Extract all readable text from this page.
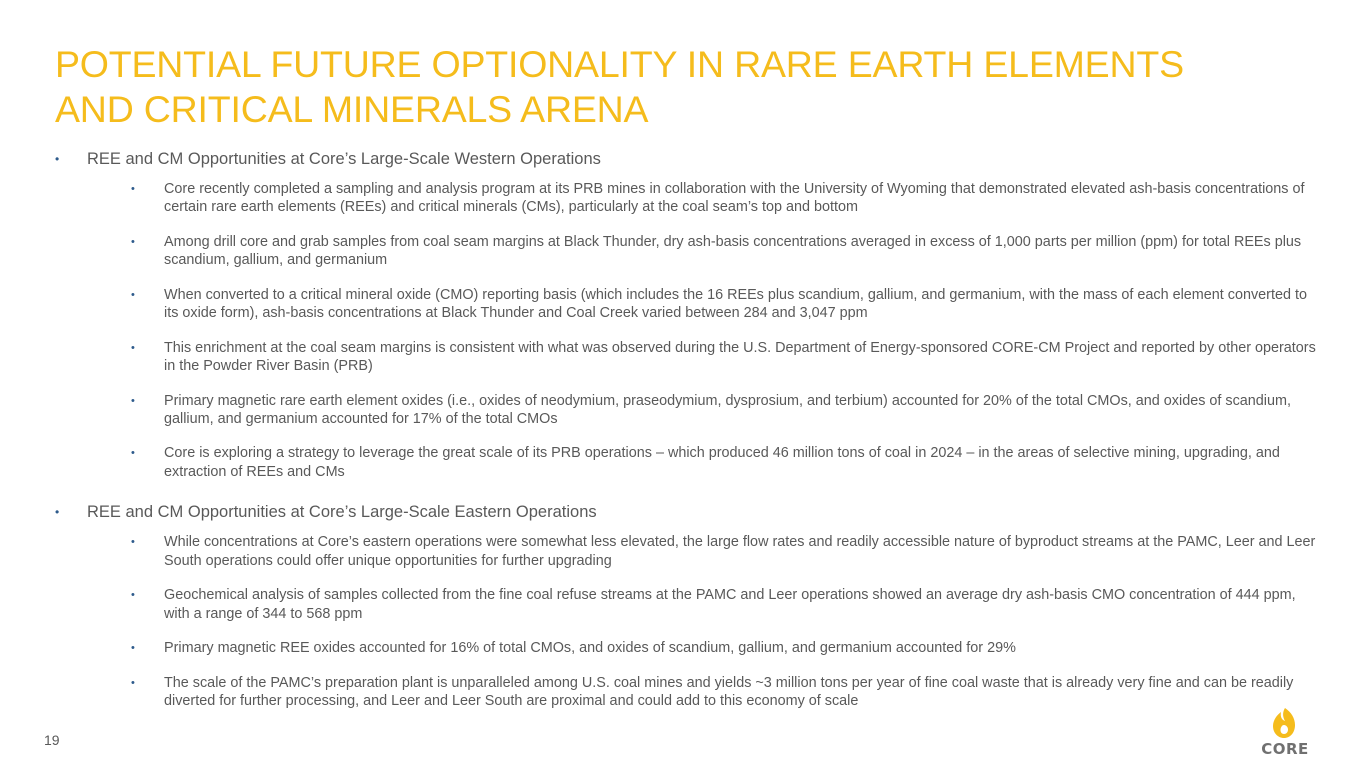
POTENTIAL FUTURE OPTIONALITY IN RARE EARTH ELEMENTS
AND CRITICAL MINERALS ARENA
• REE and CM Opportunities at Core’s Large-Scale Western Operations
• Core recently completed a sampling and analysis program at its PRB mines in collaboration with the University of Wyoming that demonstrated elevated ash-basis concentrations of certain rare earth elements (REEs) and critical minerals (CMs), particularly at the coal seam’s top and bottom
• Among drill core and grab samples from coal seam margins at Black Thunder, dry ash-basis concentrations averaged in excess of 1,000 parts per million (ppm) for total REEs plus scandium, gallium, and germanium
• When converted to a critical mineral oxide (CMO) reporting basis (which includes the 16 REEs plus scandium, gallium, and germanium, with the mass of each element converted to its oxide form), ash-basis concentrations at Black Thunder and Coal Creek varied between 284 and 3,047 ppm
• This enrichment at the coal seam margins is consistent with what was observed during the U.S. Department of Energy-sponsored CORE-CM Project and reported by other operators in the Powder River Basin (PRB)
• Primary magnetic rare earth element oxides (i.e., oxides of neodymium, praseodymium, dysprosium, and terbium) accounted for 20% of the total CMOs, and oxides of scandium, gallium, and germanium accounted for 17% of the total CMOs
• Core is exploring a strategy to leverage the great scale of its PRB operations – which produced 46 million tons of coal in 2024 – in the areas of selective mining, upgrading, and extraction of REEs and CMs
• REE and CM Opportunities at Core’s Large-Scale Eastern Operations
• While concentrations at Core’s eastern operations were somewhat less elevated, the large flow rates and readily accessible nature of byproduct streams at the PAMC, Leer and Leer South operations could offer unique opportunities for further upgrading
• Geochemical analysis of samples collected from the fine coal refuse streams at the PAMC and Leer operations showed an average dry ash-basis CMO concentration of 444 ppm, with a range of 344 to 568 ppm
• Primary magnetic REE oxides accounted for 16% of total CMOs, and oxides of scandium, gallium, and germanium accounted for 29%
• The scale of the PAMC’s preparation plant is unparalleled among U.S. coal mines and yields ~3 million tons per year of fine coal waste that is already very fine and can be readily diverted for further processing, and Leer and Leer South are proximal and could add to this economy of scale
19	CORE
